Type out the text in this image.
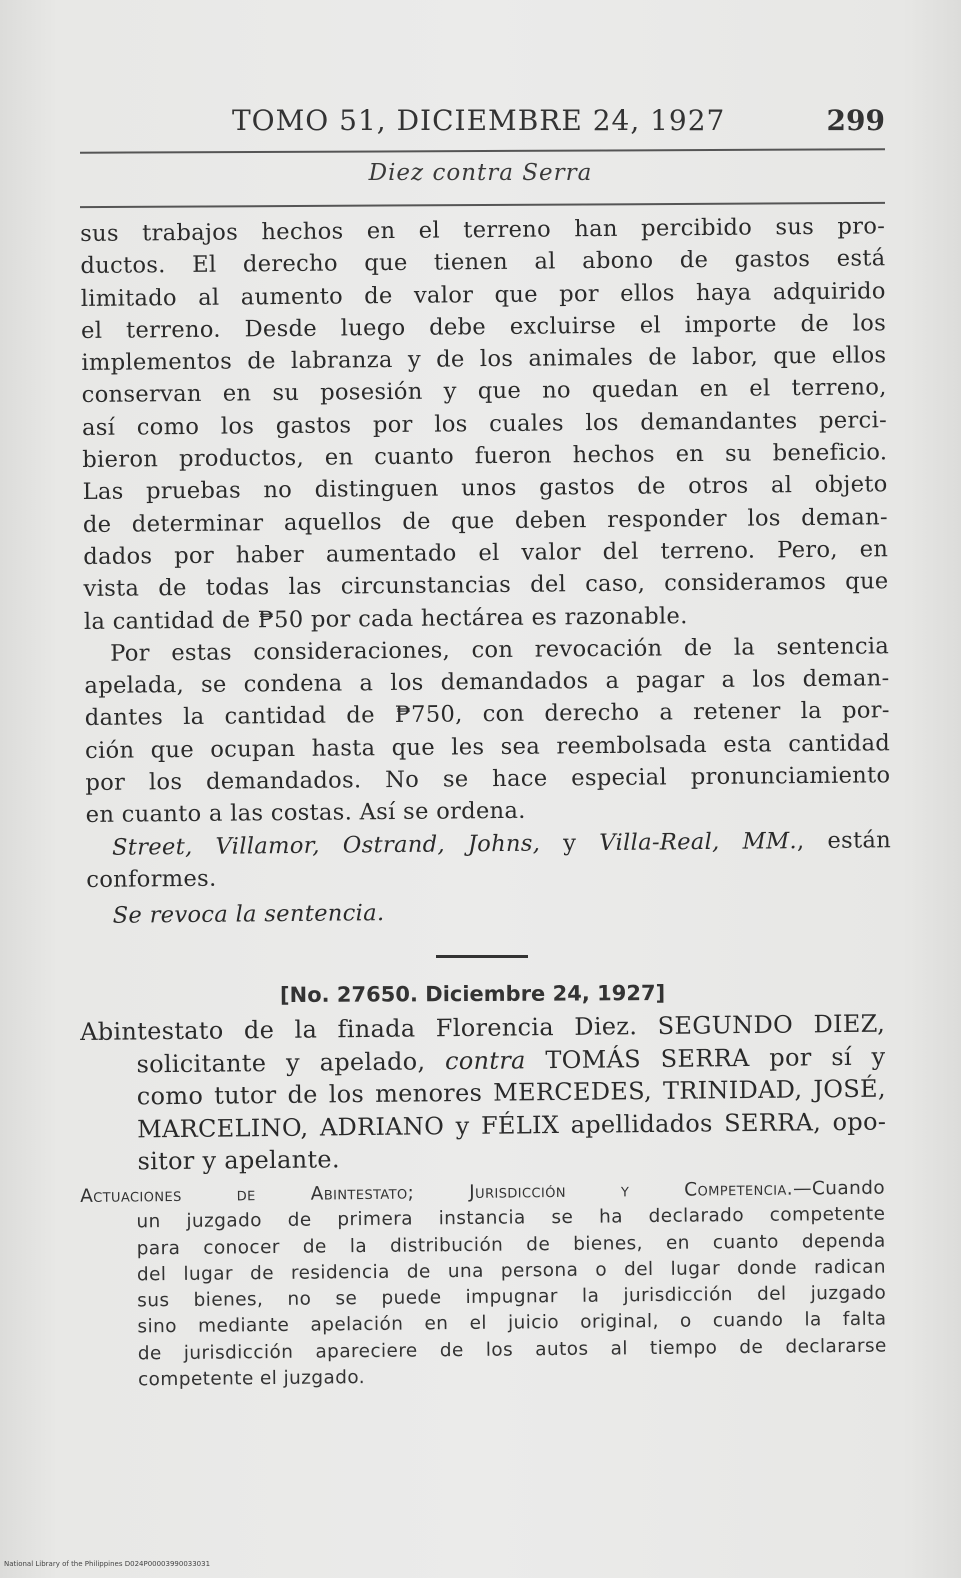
TOMO 51, DICIEMBRE 24, 1927	299
Diez contra Serra

sus trabajos hechos en el terreno han percibido sus pro-
ductos. El derecho que tienen al abono de gastos está
limitado al aumento de valor que por ellos haya adquirido
el terreno. Desde luego debe excluirse el importe de los
implementos de labranza y de los animales de labor, que ellos
conservan en su posesión y que no quedan en el terreno,
así como los gastos por los cuales los demandantes perci-
bieron productos, en cuanto fueron hechos en su beneficio.
Las pruebas no distinguen unos gastos de otros al objeto
de determinar aquellos de que deben responder los deman-
dados por haber aumentado el valor del terreno. Pero, en
vista de todas las circunstancias del caso, consideramos que
la cantidad de ₱50 por cada hectárea es razonable.

Por estas consideraciones, con revocación de la sentencia
apelada, se condena a los demandados a pagar a los deman-
dantes la cantidad de ₱750, con derecho a retener la por-
ción que ocupan hasta que les sea reembolsada esta cantidad
por los demandados. No se hace especial pronunciamiento
en cuanto a las costas. Así se ordena.

Street, Villamor, Ostrand, Johns, y Villa-Real, MM., están
conformes.

Se revoca la sentencia.

[No. 27650. Diciembre 24, 1927]
Abintestato de la finada Florencia Diez. SEGUNDO DIEZ,
solicitante y apelado, contra TOMÁS SERRA por sí y
como tutor de los menores MERCEDES, TRINIDAD, JOSÉ,
MARCELINO, ADRIANO y FÉLIX apellidados SERRA, opo-
sitor y apelante.
Actuaciones de Abintestato; Jurisdicción y Competencia.—Cuando
un juzgado de primera instancia se ha declarado competente
para conocer de la distribución de bienes, en cuanto dependa
del lugar de residencia de una persona o del lugar donde radican
sus bienes, no se puede impugnar la jurisdicción del juzgado
sino mediante apelación en el juicio original, o cuando la falta
de jurisdicción apareciere de los autos al tiempo de declararse
competente el juzgado.
National Library of the Philippines D024P00003990033031
